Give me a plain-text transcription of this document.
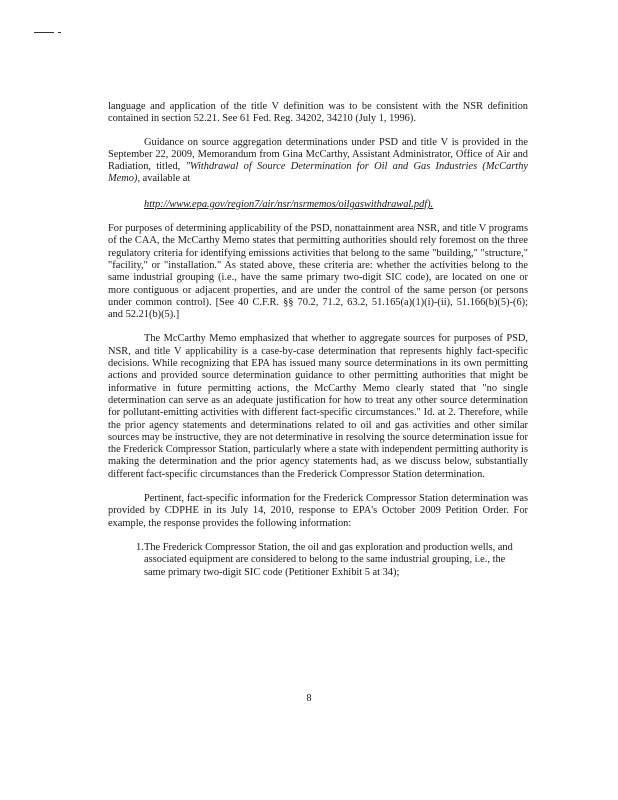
language and application of the title V definition was to be consistent with the NSR definition contained in section 52.21. See 61 Fed. Reg. 34202, 34210 (July 1, 1996).

Guidance on source aggregation determinations under PSD and title V is provided in the September 22, 2009, Memorandum from Gina McCarthy, Assistant Administrator, Office of Air and Radiation, titled, "Withdrawal of Source Determination for Oil and Gas Industries (McCarthy Memo), available at

http://www.epa.gov/region7/air/nsr/nsrmemos/oilgaswithdrawal.pdf).

For purposes of determining applicability of the PSD, nonattainment area NSR, and title V programs of the CAA, the McCarthy Memo states that permitting authorities should rely foremost on the three regulatory criteria for identifying emissions activities that belong to the same "building," "structure," "facility," or "installation." As stated above, these criteria are: whether the activities belong to the same industrial grouping (i.e., have the same primary two-digit SIC code), are located on one or more contiguous or adjacent properties, and are under the control of the same person (or persons under common control). [See 40 C.F.R. §§ 70.2, 71.2, 63.2, 51.165(a)(1)(i)-(ii), 51.166(b)(5)-(6); and 52.21(b)(5).]

The McCarthy Memo emphasized that whether to aggregate sources for purposes of PSD, NSR, and title V applicability is a case-by-case determination that represents highly fact-specific decisions. While recognizing that EPA has issued many source determinations in its own permitting actions and provided source determination guidance to other permitting authorities that might be informative in future permitting actions, the McCarthy Memo clearly stated that "no single determination can serve as an adequate justification for how to treat any other source determination for pollutant-emitting activities with different fact-specific circumstances." Id. at 2. Therefore, while the prior agency statements and determinations related to oil and gas activities and other similar sources may be instructive, they are not determinative in resolving the source determination issue for the Frederick Compressor Station, particularly where a state with independent permitting authority is making the determination and the prior agency statements had, as we discuss below, substantially different fact-specific circumstances than the Frederick Compressor Station determination.

Pertinent, fact-specific information for the Frederick Compressor Station determination was provided by CDPHE in its July 14, 2010, response to EPA's October 2009 Petition Order. For example, the response provides the following information:

1. The Frederick Compressor Station, the oil and gas exploration and production wells, and associated equipment are considered to belong to the same industrial grouping, i.e., the same primary two-digit SIC code (Petitioner Exhibit 5 at 34);
8
